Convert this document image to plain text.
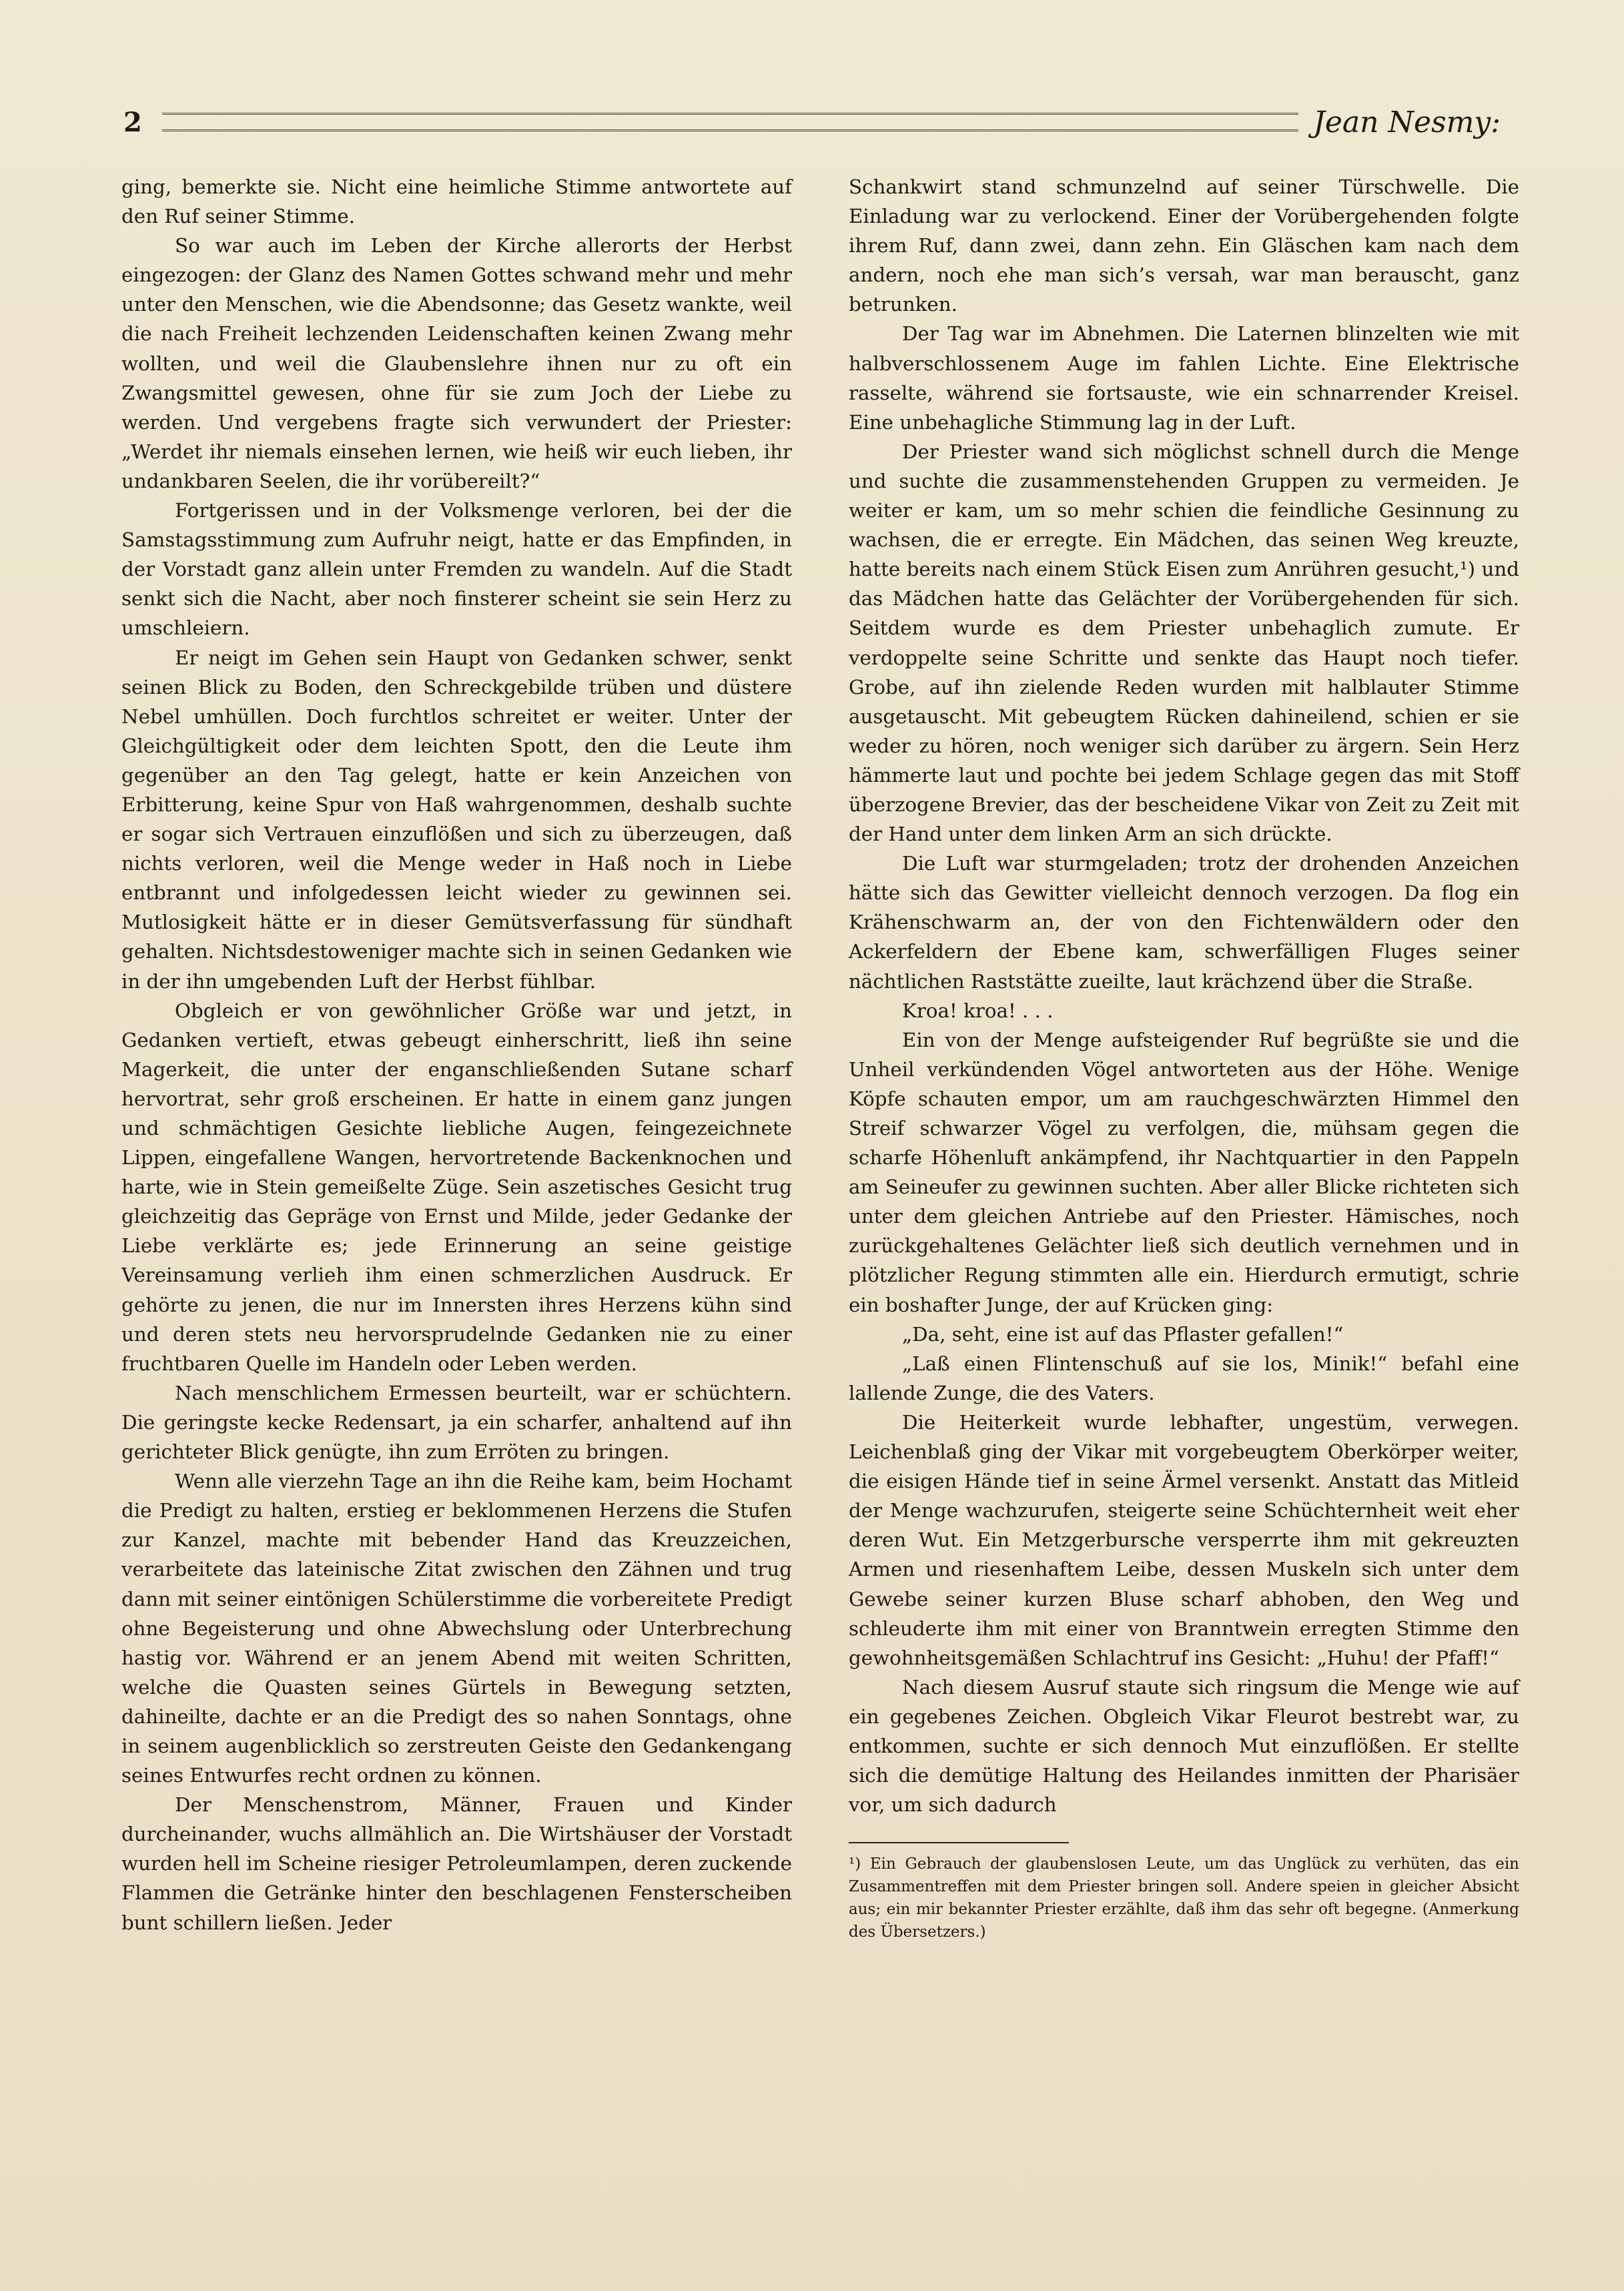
2	Jean Nesmy:

ging, bemerkte sie. Nicht eine heimliche Stimme antwortete auf den Ruf seiner Stimme.

So war auch im Leben der Kirche allerorts der Herbst eingezogen: der Glanz des Namen Gottes schwand mehr und mehr unter den Menschen, wie die Abendsonne; das Gesetz wankte, weil die nach Freiheit lechzenden Leidenschaften keinen Zwang mehr wollten, und weil die Glaubenslehre ihnen nur zu oft ein Zwangsmittel gewesen, ohne für sie zum Joch der Liebe zu werden. Und vergebens fragte sich verwundert der Priester: „Werdet ihr niemals einsehen lernen, wie heiß wir euch lieben, ihr undankbaren Seelen, die ihr vorübereilt?“

Fortgerissen und in der Volksmenge verloren, bei der die Samstagsstimmung zum Aufruhr neigt, hatte er das Empfinden, in der Vorstadt ganz allein unter Fremden zu wandeln. Auf die Stadt senkt sich die Nacht, aber noch finsterer scheint sie sein Herz zu umschleiern.

Er neigt im Gehen sein Haupt von Gedanken schwer, senkt seinen Blick zu Boden, den Schreckgebilde trüben und düstere Nebel umhüllen. Doch furchtlos schreitet er weiter. Unter der Gleichgültigkeit oder dem leichten Spott, den die Leute ihm gegenüber an den Tag gelegt, hatte er kein Anzeichen von Erbitterung, keine Spur von Haß wahrgenommen, deshalb suchte er sogar sich Vertrauen einzuflößen und sich zu überzeugen, daß nichts verloren, weil die Menge weder in Haß noch in Liebe entbrannt und infolgedessen leicht wieder zu gewinnen sei. Mutlosigkeit hätte er in dieser Gemütsverfassung für sündhaft gehalten. Nichtsdestoweniger machte sich in seinen Gedanken wie in der ihn umgebenden Luft der Herbst fühlbar.

Obgleich er von gewöhnlicher Größe war und jetzt, in Gedanken vertieft, etwas gebeugt einherschritt, ließ ihn seine Magerkeit, die unter der enganschließenden Sutane scharf hervortrat, sehr groß erscheinen. Er hatte in einem ganz jungen und schmächtigen Gesichte liebliche Augen, feingezeichnete Lippen, eingefallene Wangen, hervortretende Backenknochen und harte, wie in Stein gemeißelte Züge. Sein aszetisches Gesicht trug gleichzeitig das Gepräge von Ernst und Milde, jeder Gedanke der Liebe verklärte es; jede Erinnerung an seine geistige Vereinsamung verlieh ihm einen schmerzlichen Ausdruck. Er gehörte zu jenen, die nur im Innersten ihres Herzens kühn sind und deren stets neu hervorsprudelnde Gedanken nie zu einer fruchtbaren Quelle im Handeln oder Leben werden.

Nach menschlichem Ermessen beurteilt, war er schüchtern. Die geringste kecke Redensart, ja ein scharfer, anhaltend auf ihn gerichteter Blick genügte, ihn zum Erröten zu bringen.

Wenn alle vierzehn Tage an ihn die Reihe kam, beim Hochamt die Predigt zu halten, erstieg er beklommenen Herzens die Stufen zur Kanzel, machte mit bebender Hand das Kreuzzeichen, verarbeitete das lateinische Zitat zwischen den Zähnen und trug dann mit seiner eintönigen Schülerstimme die vorbereitete Predigt ohne Begeisterung und ohne Abwechslung oder Unterbrechung hastig vor. Während er an jenem Abend mit weiten Schritten, welche die Quasten seines Gürtels in Bewegung setzten, dahineilte, dachte er an die Predigt des so nahen Sonntags, ohne in seinem augenblicklich so zerstreuten Geiste den Gedankengang seines Entwurfes recht ordnen zu können.

Der Menschenstrom, Männer, Frauen und Kinder durcheinander, wuchs allmählich an. Die Wirtshäuser der Vorstadt wurden hell im Scheine riesiger Petroleumlampen, deren zuckende Flammen die Getränke hinter den beschlagenen Fensterscheiben bunt schillern ließen. Jeder

Schankwirt stand schmunzelnd auf seiner Türschwelle. Die Einladung war zu verlockend. Einer der Vorübergehenden folgte ihrem Ruf, dann zwei, dann zehn. Ein Gläschen kam nach dem andern, noch ehe man sich’s versah, war man berauscht, ganz betrunken.

Der Tag war im Abnehmen. Die Laternen blinzelten wie mit halbverschlossenem Auge im fahlen Lichte. Eine Elektrische rasselte, während sie fortsauste, wie ein schnarrender Kreisel. Eine unbehagliche Stimmung lag in der Luft.

Der Priester wand sich möglichst schnell durch die Menge und suchte die zusammenstehenden Gruppen zu vermeiden. Je weiter er kam, um so mehr schien die feindliche Gesinnung zu wachsen, die er erregte. Ein Mädchen, das seinen Weg kreuzte, hatte bereits nach einem Stück Eisen zum Anrühren gesucht,¹) und das Mädchen hatte das Gelächter der Vorübergehenden für sich. Seitdem wurde es dem Priester unbehaglich zumute. Er verdoppelte seine Schritte und senkte das Haupt noch tiefer. Grobe, auf ihn zielende Reden wurden mit halblauter Stimme ausgetauscht. Mit gebeugtem Rücken dahineilend, schien er sie weder zu hören, noch weniger sich darüber zu ärgern. Sein Herz hämmerte laut und pochte bei jedem Schlage gegen das mit Stoff überzogene Brevier, das der bescheidene Vikar von Zeit zu Zeit mit der Hand unter dem linken Arm an sich drückte.

Die Luft war sturmgeladen; trotz der drohenden Anzeichen hätte sich das Gewitter vielleicht dennoch verzogen. Da flog ein Krähenschwarm an, der von den Fichtenwäldern oder den Ackerfeldern der Ebene kam, schwerfälligen Fluges seiner nächtlichen Raststätte zueilte, laut krächzend über die Straße.

Kroa! kroa! . . .

Ein von der Menge aufsteigender Ruf begrüßte sie und die Unheil verkündenden Vögel antworteten aus der Höhe. Wenige Köpfe schauten empor, um am rauchgeschwärzten Himmel den Streif schwarzer Vögel zu verfolgen, die, mühsam gegen die scharfe Höhenluft ankämpfend, ihr Nachtquartier in den Pappeln am Seineufer zu gewinnen suchten. Aber aller Blicke richteten sich unter dem gleichen Antriebe auf den Priester. Hämisches, noch zurückgehaltenes Gelächter ließ sich deutlich vernehmen und in plötzlicher Regung stimmten alle ein. Hierdurch ermutigt, schrie ein boshafter Junge, der auf Krücken ging:

„Da, seht, eine ist auf das Pflaster gefallen!“

„Laß einen Flintenschuß auf sie los, Minik!“ befahl eine lallende Zunge, die des Vaters.

Die Heiterkeit wurde lebhafter, ungestüm, verwegen. Leichenblaß ging der Vikar mit vorgebeugtem Oberkörper weiter, die eisigen Hände tief in seine Ärmel versenkt. Anstatt das Mitleid der Menge wachzurufen, steigerte seine Schüchternheit weit eher deren Wut. Ein Metzgerbursche versperrte ihm mit gekreuzten Armen und riesenhaftem Leibe, dessen Muskeln sich unter dem Gewebe seiner kurzen Bluse scharf abhoben, den Weg und schleuderte ihm mit einer von Branntwein erregten Stimme den gewohnheitsgemäßen Schlachtruf ins Gesicht: „Huhu! der Pfaff!“

Nach diesem Ausruf staute sich ringsum die Menge wie auf ein gegebenes Zeichen. Obgleich Vikar Fleurot bestrebt war, zu entkommen, suchte er sich dennoch Mut einzuflößen. Er stellte sich die demütige Haltung des Heilandes inmitten der Pharisäer vor, um sich dadurch

¹) Ein Gebrauch der glaubenslosen Leute, um das Unglück zu verhüten, das ein Zusammentreffen mit dem Priester bringen soll. Andere speien in gleicher Absicht aus; ein mir bekannter Priester erzählte, daß ihm das sehr oft begegne. (Anmerkung des Übersetzers.)
